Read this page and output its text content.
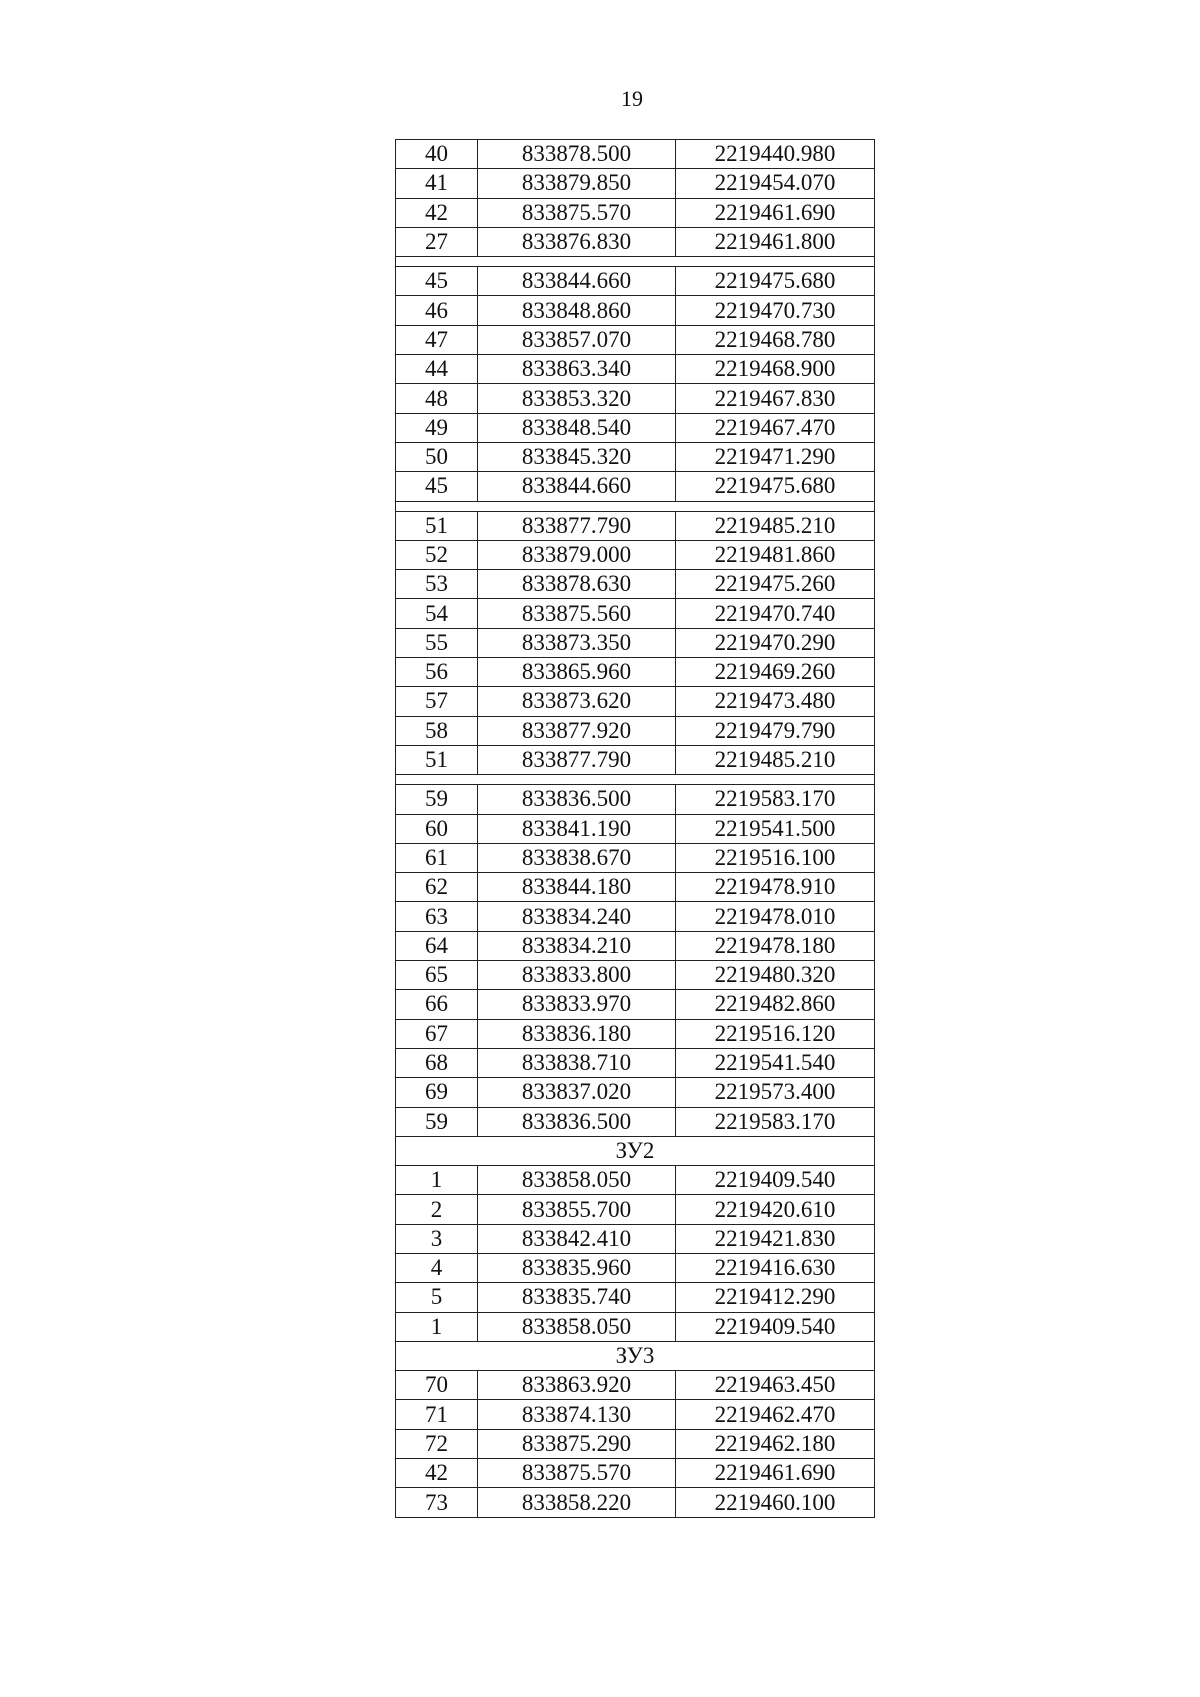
19
40	833878.500	2219440.980
41	833879.850	2219454.070
42	833875.570	2219461.690
27	833876.830	2219461.800

45	833844.660	2219475.680
46	833848.860	2219470.730
47	833857.070	2219468.780
44	833863.340	2219468.900
48	833853.320	2219467.830
49	833848.540	2219467.470
50	833845.320	2219471.290
45	833844.660	2219475.680

51	833877.790	2219485.210
52	833879.000	2219481.860
53	833878.630	2219475.260
54	833875.560	2219470.740
55	833873.350	2219470.290
56	833865.960	2219469.260
57	833873.620	2219473.480
58	833877.920	2219479.790
51	833877.790	2219485.210

59	833836.500	2219583.170
60	833841.190	2219541.500
61	833838.670	2219516.100
62	833844.180	2219478.910
63	833834.240	2219478.010
64	833834.210	2219478.180
65	833833.800	2219480.320
66	833833.970	2219482.860
67	833836.180	2219516.120
68	833838.710	2219541.540
69	833837.020	2219573.400
59	833836.500	2219583.170
ЗУ2		
1	833858.050	2219409.540
2	833855.700	2219420.610
3	833842.410	2219421.830
4	833835.960	2219416.630
5	833835.740	2219412.290
1	833858.050	2219409.540
ЗУ3		
70	833863.920	2219463.450
71	833874.130	2219462.470
72	833875.290	2219462.180
42	833875.570	2219461.690
73	833858.220	2219460.100
